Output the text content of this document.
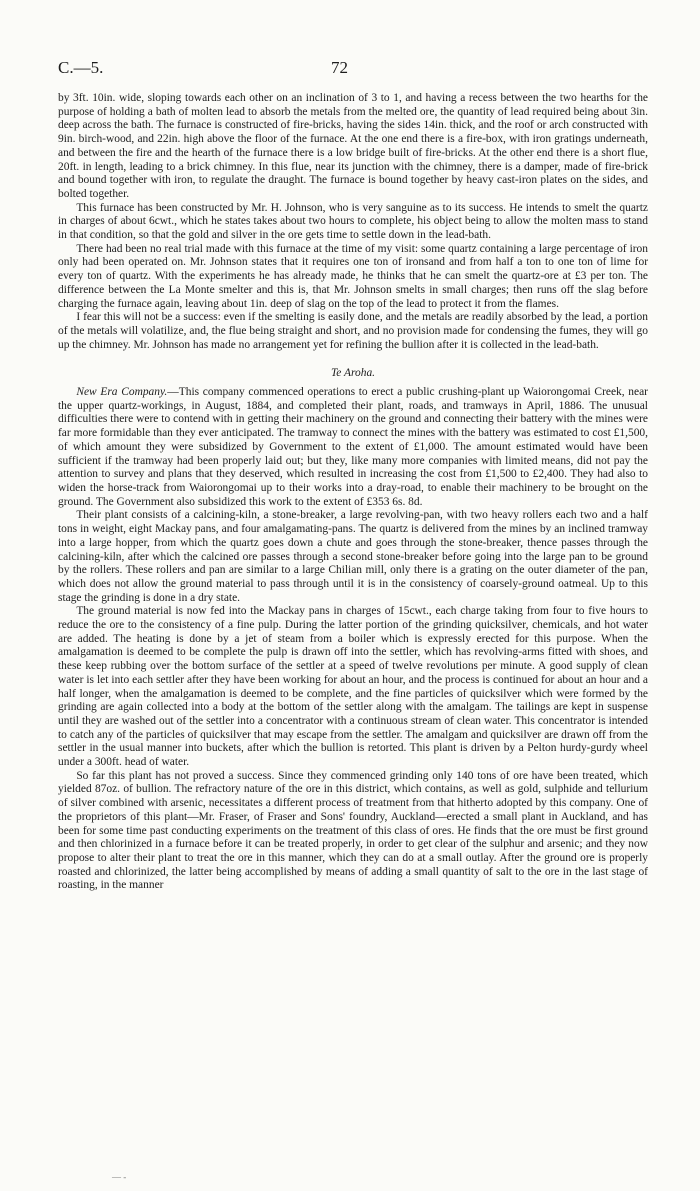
C.—5.	72

by 3ft. 10in. wide, sloping towards each other on an inclination of 3 to 1, and having a recess between the two hearths for the purpose of holding a bath of molten lead to absorb the metals from the melted ore, the quantity of lead required being about 3in. deep across the bath. The furnace is constructed of fire-bricks, having the sides 14in. thick, and the roof or arch constructed with 9in. birch-wood, and 22in. high above the floor of the furnace. At the one end there is a fire-box, with iron gratings underneath, and between the fire and the hearth of the furnace there is a low bridge built of fire-bricks. At the other end there is a short flue, 20ft. in length, leading to a brick chimney. In this flue, near its junction with the chimney, there is a damper, made of fire-brick and bound together with iron, to regulate the draught. The furnace is bound together by heavy cast-iron plates on the sides, and bolted together.

This furnace has been constructed by Mr. H. Johnson, who is very sanguine as to its success. He intends to smelt the quartz in charges of about 6cwt., which he states takes about two hours to complete, his object being to allow the molten mass to stand in that condition, so that the gold and silver in the ore gets time to settle down in the lead-bath.

There had been no real trial made with this furnace at the time of my visit: some quartz containing a large percentage of iron only had been operated on. Mr. Johnson states that it requires one ton of ironsand and from half a ton to one ton of lime for every ton of quartz. With the experiments he has already made, he thinks that he can smelt the quartz-ore at £3 per ton. The difference between the La Monte smelter and this is, that Mr. Johnson smelts in small charges; then runs off the slag before charging the furnace again, leaving about 1in. deep of slag on the top of the lead to protect it from the flames.

I fear this will not be a success: even if the smelting is easily done, and the metals are readily absorbed by the lead, a portion of the metals will volatilize, and, the flue being straight and short, and no provision made for condensing the fumes, they will go up the chimney. Mr. Johnson has made no arrangement yet for refining the bullion after it is collected in the lead-bath.

Te Aroha.

New Era Company.—This company commenced operations to erect a public crushing-plant up Waiorongomai Creek, near the upper quartz-workings, in August, 1884, and completed their plant, roads, and tramways in April, 1886. The unusual difficulties there were to contend with in getting their machinery on the ground and connecting their battery with the mines were far more formidable than they ever anticipated. The tramway to connect the mines with the battery was estimated to cost £1,500, of which amount they were subsidized by Government to the extent of £1,000. The amount estimated would have been sufficient if the tramway had been properly laid out; but they, like many more companies with limited means, did not pay the attention to survey and plans that they deserved, which resulted in increasing the cost from £1,500 to £2,400. They had also to widen the horse-track from Waiorongomai up to their works into a dray-road, to enable their machinery to be brought on the ground. The Government also subsidized this work to the extent of £353 6s. 8d.

Their plant consists of a calcining-kiln, a stone-breaker, a large revolving-pan, with two heavy rollers each two and a half tons in weight, eight Mackay pans, and four amalgamating-pans. The quartz is delivered from the mines by an inclined tramway into a large hopper, from which the quartz goes down a chute and goes through the stone-breaker, thence passes through the calcining-kiln, after which the calcined ore passes through a second stone-breaker before going into the large pan to be ground by the rollers. These rollers and pan are similar to a large Chilian mill, only there is a grating on the outer diameter of the pan, which does not allow the ground material to pass through until it is in the consistency of coarsely-ground oatmeal. Up to this stage the grinding is done in a dry state.

The ground material is now fed into the Mackay pans in charges of 15cwt., each charge taking from four to five hours to reduce the ore to the consistency of a fine pulp. During the latter portion of the grinding quicksilver, chemicals, and hot water are added. The heating is done by a jet of steam from a boiler which is expressly erected for this purpose. When the amalgamation is deemed to be complete the pulp is drawn off into the settler, which has revolving-arms fitted with shoes, and these keep rubbing over the bottom surface of the settler at a speed of twelve revolutions per minute. A good supply of clean water is let into each settler after they have been working for about an hour, and the process is continued for about an hour and a half longer, when the amalgamation is deemed to be complete, and the fine particles of quicksilver which were formed by the grinding are again collected into a body at the bottom of the settler along with the amalgam. The tailings are kept in suspense until they are washed out of the settler into a concentrator with a continuous stream of clean water. This concentrator is intended to catch any of the particles of quicksilver that may escape from the settler. The amalgam and quicksilver are drawn off from the settler in the usual manner into buckets, after which the bullion is retorted. This plant is driven by a Pelton hurdy-gurdy wheel under a 300ft. head of water.

So far this plant has not proved a success. Since they commenced grinding only 140 tons of ore have been treated, which yielded 87oz. of bullion. The refractory nature of the ore in this district, which contains, as well as gold, sulphide and tellurium of silver combined with arsenic, necessitates a different process of treatment from that hitherto adopted by this company. One of the proprietors of this plant—Mr. Fraser, of Fraser and Sons' foundry, Auckland—erected a small plant in Auckland, and has been for some time past conducting experiments on the treatment of this class of ores. He finds that the ore must be first ground and then chlorinized in a furnace before it can be treated properly, in order to get clear of the sulphur and arsenic; and they now propose to alter their plant to treat the ore in this manner, which they can do at a small outlay. After the ground ore is properly roasted and chlorinized, the latter being accomplished by means of adding a small quantity of salt to the ore in the last stage of roasting, in the manner

— -
